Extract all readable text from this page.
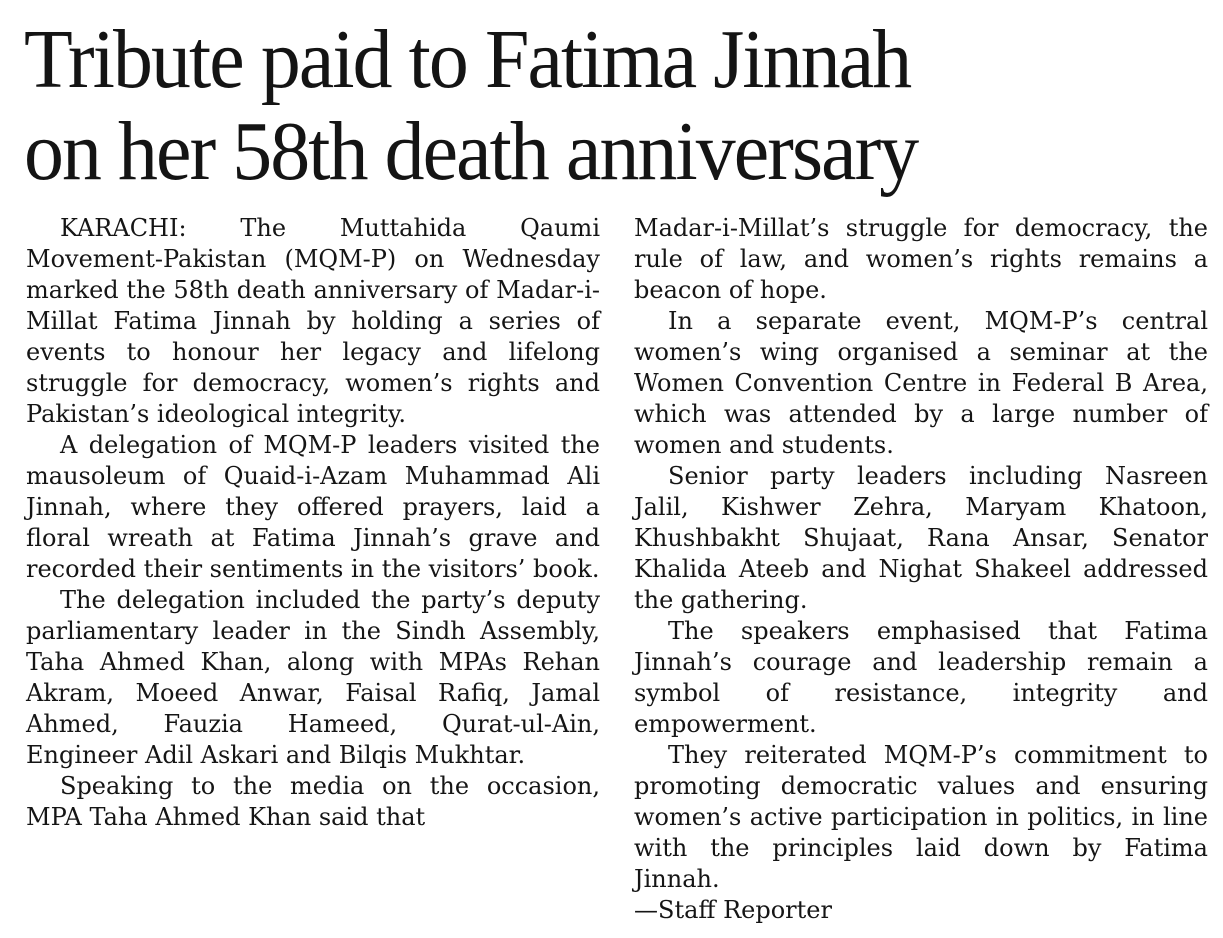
Tribute paid to Fatima Jinnah
on her 58th death anniversary

KARACHI: The Muttahida Qaumi Movement-Pakistan (MQM-P) on Wednesday marked the 58th death anniversary of Madar-i-Millat Fatima Jinnah by holding a series of events to honour her legacy and lifelong struggle for democracy, women’s rights and Pakistan’s ideological integrity.

A delegation of MQM-P leaders visited the mausoleum of Quaid-i-Azam Muhammad Ali Jinnah, where they offered prayers, laid a floral wreath at Fatima Jinnah’s grave and recorded their sentiments in the visitors’ book.

The delegation included the party’s deputy parliamentary leader in the Sindh Assembly, Taha Ahmed Khan, along with MPAs Rehan Akram, Moeed Anwar, Faisal Rafiq, Jamal Ahmed, Fauzia Hameed, Qurat-ul-Ain, Engineer Adil Askari and Bilqis Mukhtar.

Speaking to the media on the occasion, MPA Taha Ahmed Khan said that

Madar-i-Millat’s struggle for democracy, the rule of law, and women’s rights remains a beacon of hope.

In a separate event, MQM-P’s central women’s wing organised a seminar at the Women Convention Centre in Federal B Area, which was attended by a large number of women and students.

Senior party leaders including Nasreen Jalil, Kishwer Zehra, Maryam Khatoon, Khushbakht Shujaat, Rana Ansar, Senator Khalida Ateeb and Nighat Shakeel addressed the gathering.

The speakers emphasised that Fatima Jinnah’s courage and leadership remain a symbol of resistance, integrity and empowerment.

They reiterated MQM-P’s commitment to promoting democratic values and ensuring women’s active participation in politics, in line with the principles laid down by Fatima Jinnah.

—Staff Reporter
